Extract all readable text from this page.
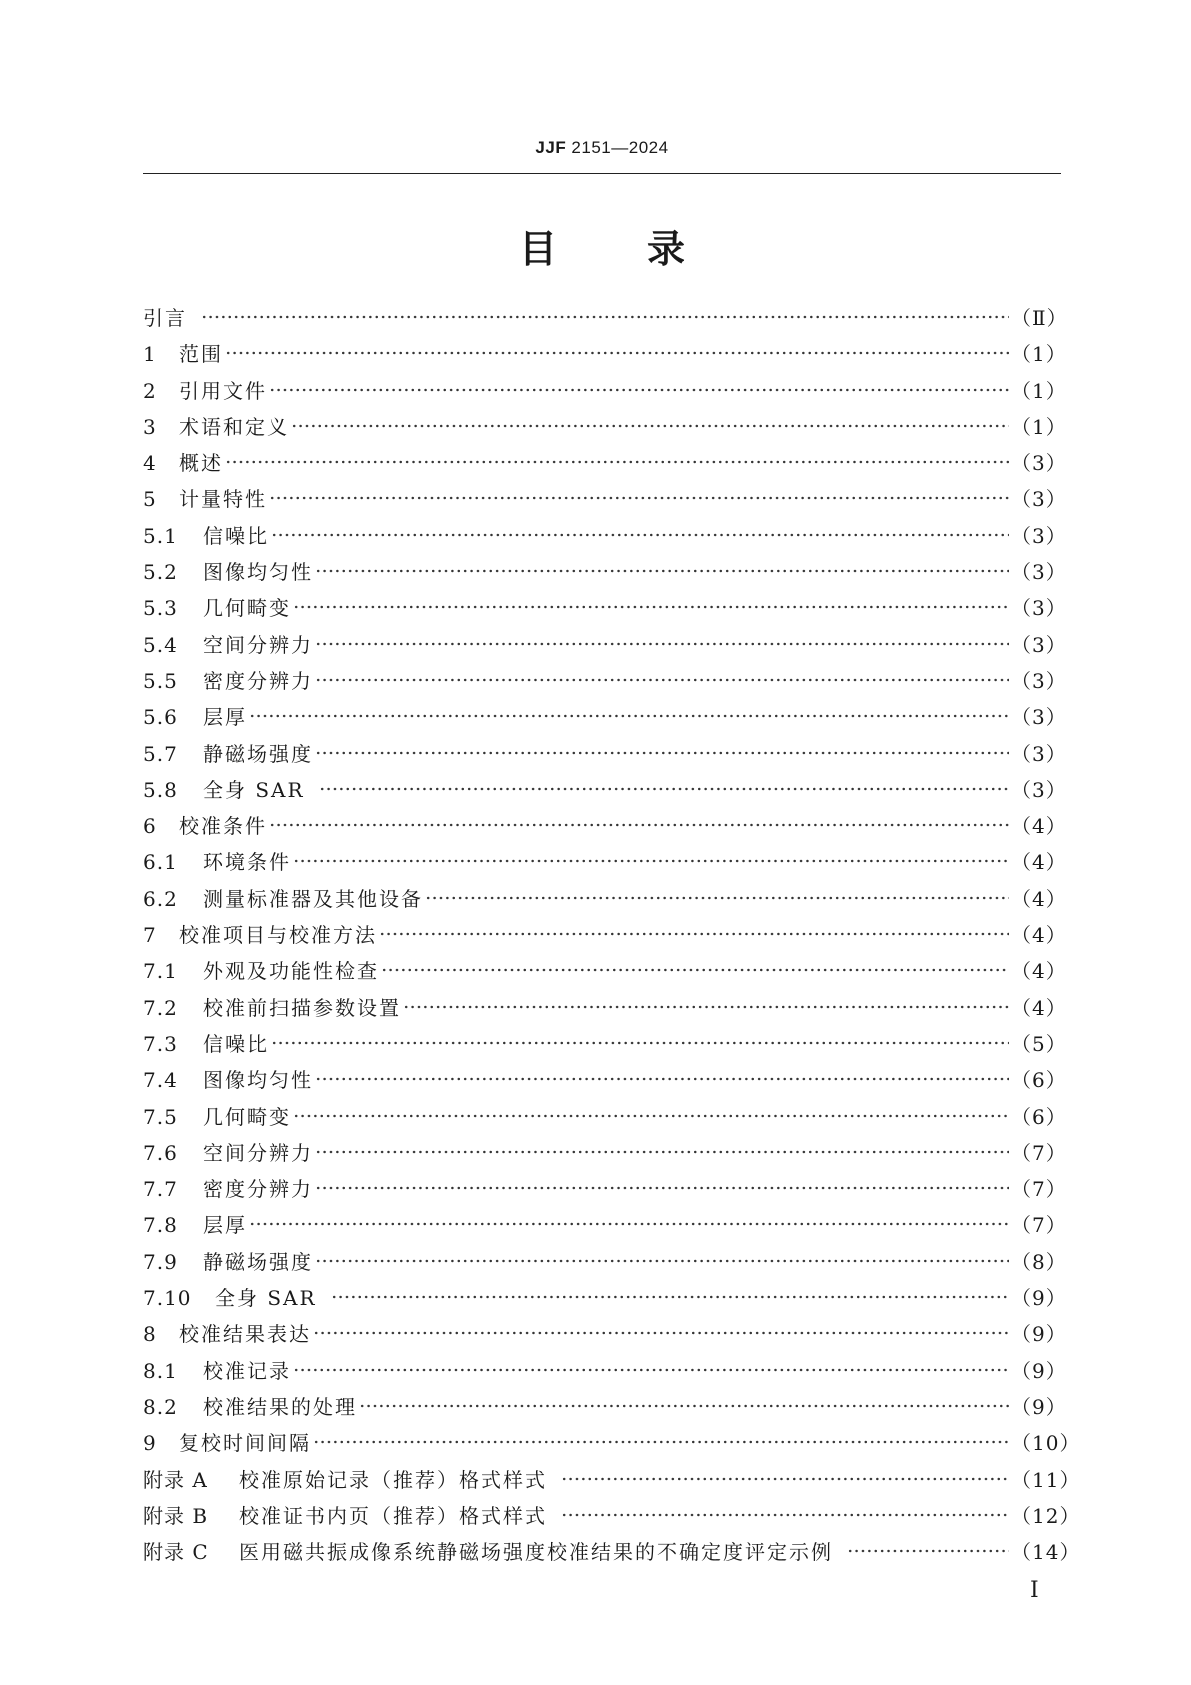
JJF 2151—2024
目录
引言	（Ⅱ）
1	范围	（1）
2	引用文件	（1）
3	术语和定义	（1）
4	概述	（3）
5	计量特性	（3）
5.1	信噪比	（3）
5.2	图像均匀性	（3）
5.3	几何畸变	（3）
5.4	空间分辨力	（3）
5.5	密度分辨力	（3）
5.6	层厚	（3）
5.7	静磁场强度	（3）
5.8	全身 SAR	（3）
6	校准条件	（4）
6.1	环境条件	（4）
6.2	测量标准器及其他设备	（4）
7	校准项目与校准方法	（4）
7.1	外观及功能性检查	（4）
7.2	校准前扫描参数设置	（4）
7.3	信噪比	（5）
7.4	图像均匀性	（6）
7.5	几何畸变	（6）
7.6	空间分辨力	（7）
7.7	密度分辨力	（7）
7.8	层厚	（7）
7.9	静磁场强度	（8）
7.10	全身 SAR	（9）
8	校准结果表达	（9）
8.1	校准记录	（9）
8.2	校准结果的处理	（9）
9	复校时间间隔	（10）
附录 A	校准原始记录（推荐）格式样式	（11）
附录 B	校准证书内页（推荐）格式样式	（12）
附录 C	医用磁共振成像系统静磁场强度校准结果的不确定度评定示例	（14）
Ⅰ
